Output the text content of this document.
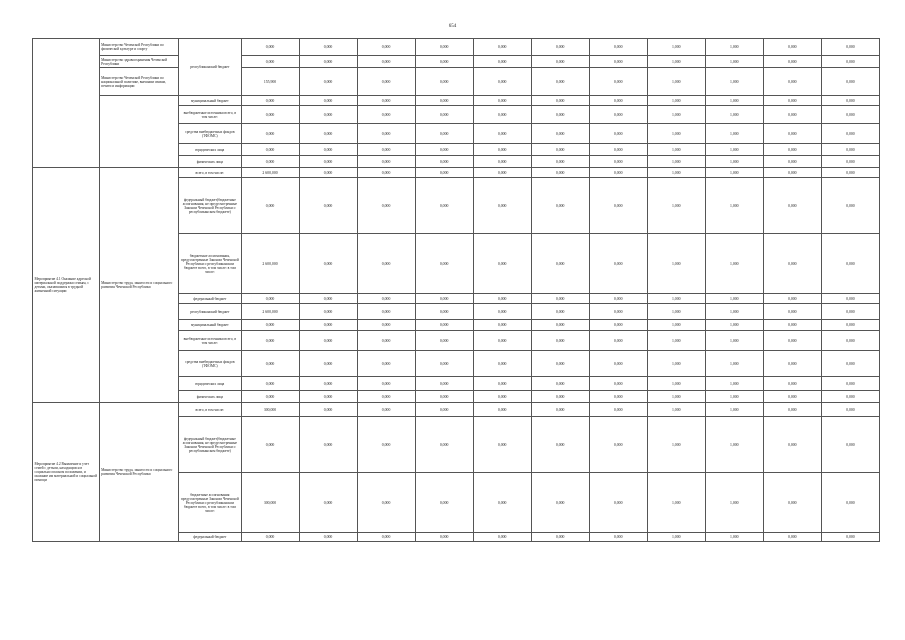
654
	Министерство Чеченской Республики по физической культуре и спорту	республиканский бюджет	0,000	0,000	0,000	0,000	0,000	0,000	0,000	1,000	1,000	0,000	0,000
	Министерство здравоохранения Чеченской Республики		0,000	0,000	0,000	0,000	0,000	0,000	0,000	1,000	1,000	0,000	0,000
	Министерство Чеченской Республики по национальной политике, внешним связям, печати и информации		155,900	0,000	0,000	0,000	0,000	0,000	0,000	1,000	1,000	0,000	0,000
		муниципальный бюджет	0,000	0,000	0,000	0,000	0,000	0,000	0,000	1,000	1,000	0,000	0,000
		внебюджетные источники всего, в том числе:	0,000	0,000	0,000	0,000	0,000	0,000	0,000	1,000	1,000	0,000	0,000
		средства внебюджетных фондов (ТФОМС)	0,000	0,000	0,000	0,000	0,000	0,000	0,000	1,000	1,000	0,000	0,000
		юридических лица	0,000	0,000	0,000	0,000	0,000	0,000	0,000	1,000	1,000	0,000	0,000
		физических лица	0,000	0,000	0,000	0,000	0,000	0,000	0,000	1,000	1,000	0,000	0,000
Мероприятие 4.1 Оказание адресной материальной поддержки семьям, с детьми, оказавшимся в трудной жизненной ситуации	Министерство труда, занятости и социального развития Чеченской Республики	всего, в том числе:	2 600,000	0,000	0,000	0,000	0,000	0,000	0,000	1,000	1,000	0,000	0,000
		федеральный бюджет(бюджетные ассигнования, не предусмотренные Законом Чеченской Республики о республиканском бюджете)	0,000	0,000	0,000	0,000	0,000	0,000	0,000	1,000	1,000	0,000	0,000
		бюджетные ассигнования, предусмотренные Законом Чеченской Республики о республиканском бюджете всего, в том числе: в том числе:	2 600,000	0,000	0,000	0,000	0,000	0,000	0,000	1,000	1,000	0,000	0,000
		федеральный бюджет	0,000	0,000	0,000	0,000	0,000	0,000	0,000	1,000	1,000	0,000	0,000
		республиканский бюджет	2 600,000	0,000	0,000	0,000	0,000	0,000	0,000	1,000	1,000	0,000	0,000
		муниципальный бюджет	0,000	0,000	0,000	0,000	0,000	0,000	0,000	1,000	1,000	0,000	0,000
		внебюджетные источники всего, в том числе:	0,000	0,000	0,000	0,000	0,000	0,000	0,000	1,000	1,000	0,000	0,000
		средства внебюджетных фондов (ТФОМС)	0,000	0,000	0,000	0,000	0,000	0,000	0,000	1,000	1,000	0,000	0,000
		юридических лица	0,000	0,000	0,000	0,000	0,000	0,000	0,000	1,000	1,000	0,000	0,000
		физических лица	0,000	0,000	0,000	0,000	0,000	0,000	0,000	1,000	1,000	0,000	0,000
Мероприятие 4.2 Выявление и учет семей с детьми, находящихся в социально опасном положении, и оказание им материальной и социальной помощи	Министерство труда, занятости и социального развития Чеченской Республики	всего, в том числе:	300,000	0,000	0,000	0,000	0,000	0,000	0,000	1,000	1,000	0,000	0,000
		федеральный бюджет(бюджетные ассигнования, не предусмотренные Законом Чеченской Республики о республиканском бюджете)	0,000	0,000	0,000	0,000	0,000	0,000	0,000	1,000	1,000	0,000	0,000
		бюджетные ассигнования предусмотренные Законом Чеченской Республики о республиканском бюджете всего, в том числе: в том числе:	300,000	0,000	0,000	0,000	0,000	0,000	0,000	1,000	1,000	0,000	0,000
		федеральный бюджет	0,000	0,000	0,000	0,000	0,000	0,000	0,000	1,000	1,000	0,000	0,000
